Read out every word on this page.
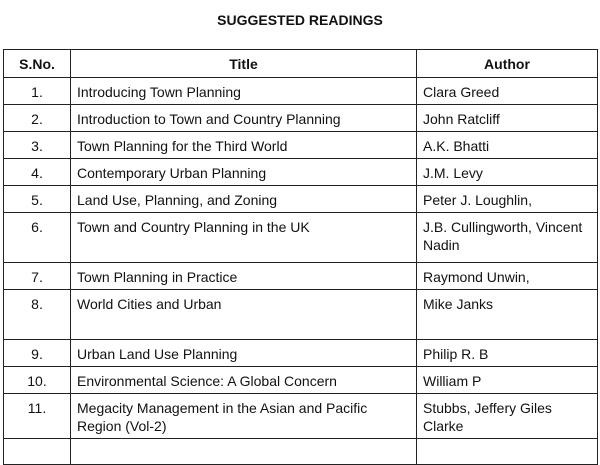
SUGGESTED READINGS
S.No.	Title	Author
1.	Introducing Town Planning	Clara Greed
2.	Introduction to Town and Country Planning	John Ratcliff
3.	Town Planning for the Third World	A.K. Bhatti
4.	Contemporary Urban Planning	J.M. Levy
5.	Land Use, Planning, and Zoning	Peter J. Loughlin,
6.	Town and Country Planning in the UK	J.B. Cullingworth, Vincent Nadin
7.	Town Planning in Practice	Raymond Unwin,
8.	World Cities and Urban	Mike Janks
9.	Urban Land Use Planning	Philip R. B
10.	Environmental Science: A Global Concern	William P
11.	Megacity Management in the Asian and Pacific Region (Vol-2)	Stubbs, Jeffery Giles Clarke
